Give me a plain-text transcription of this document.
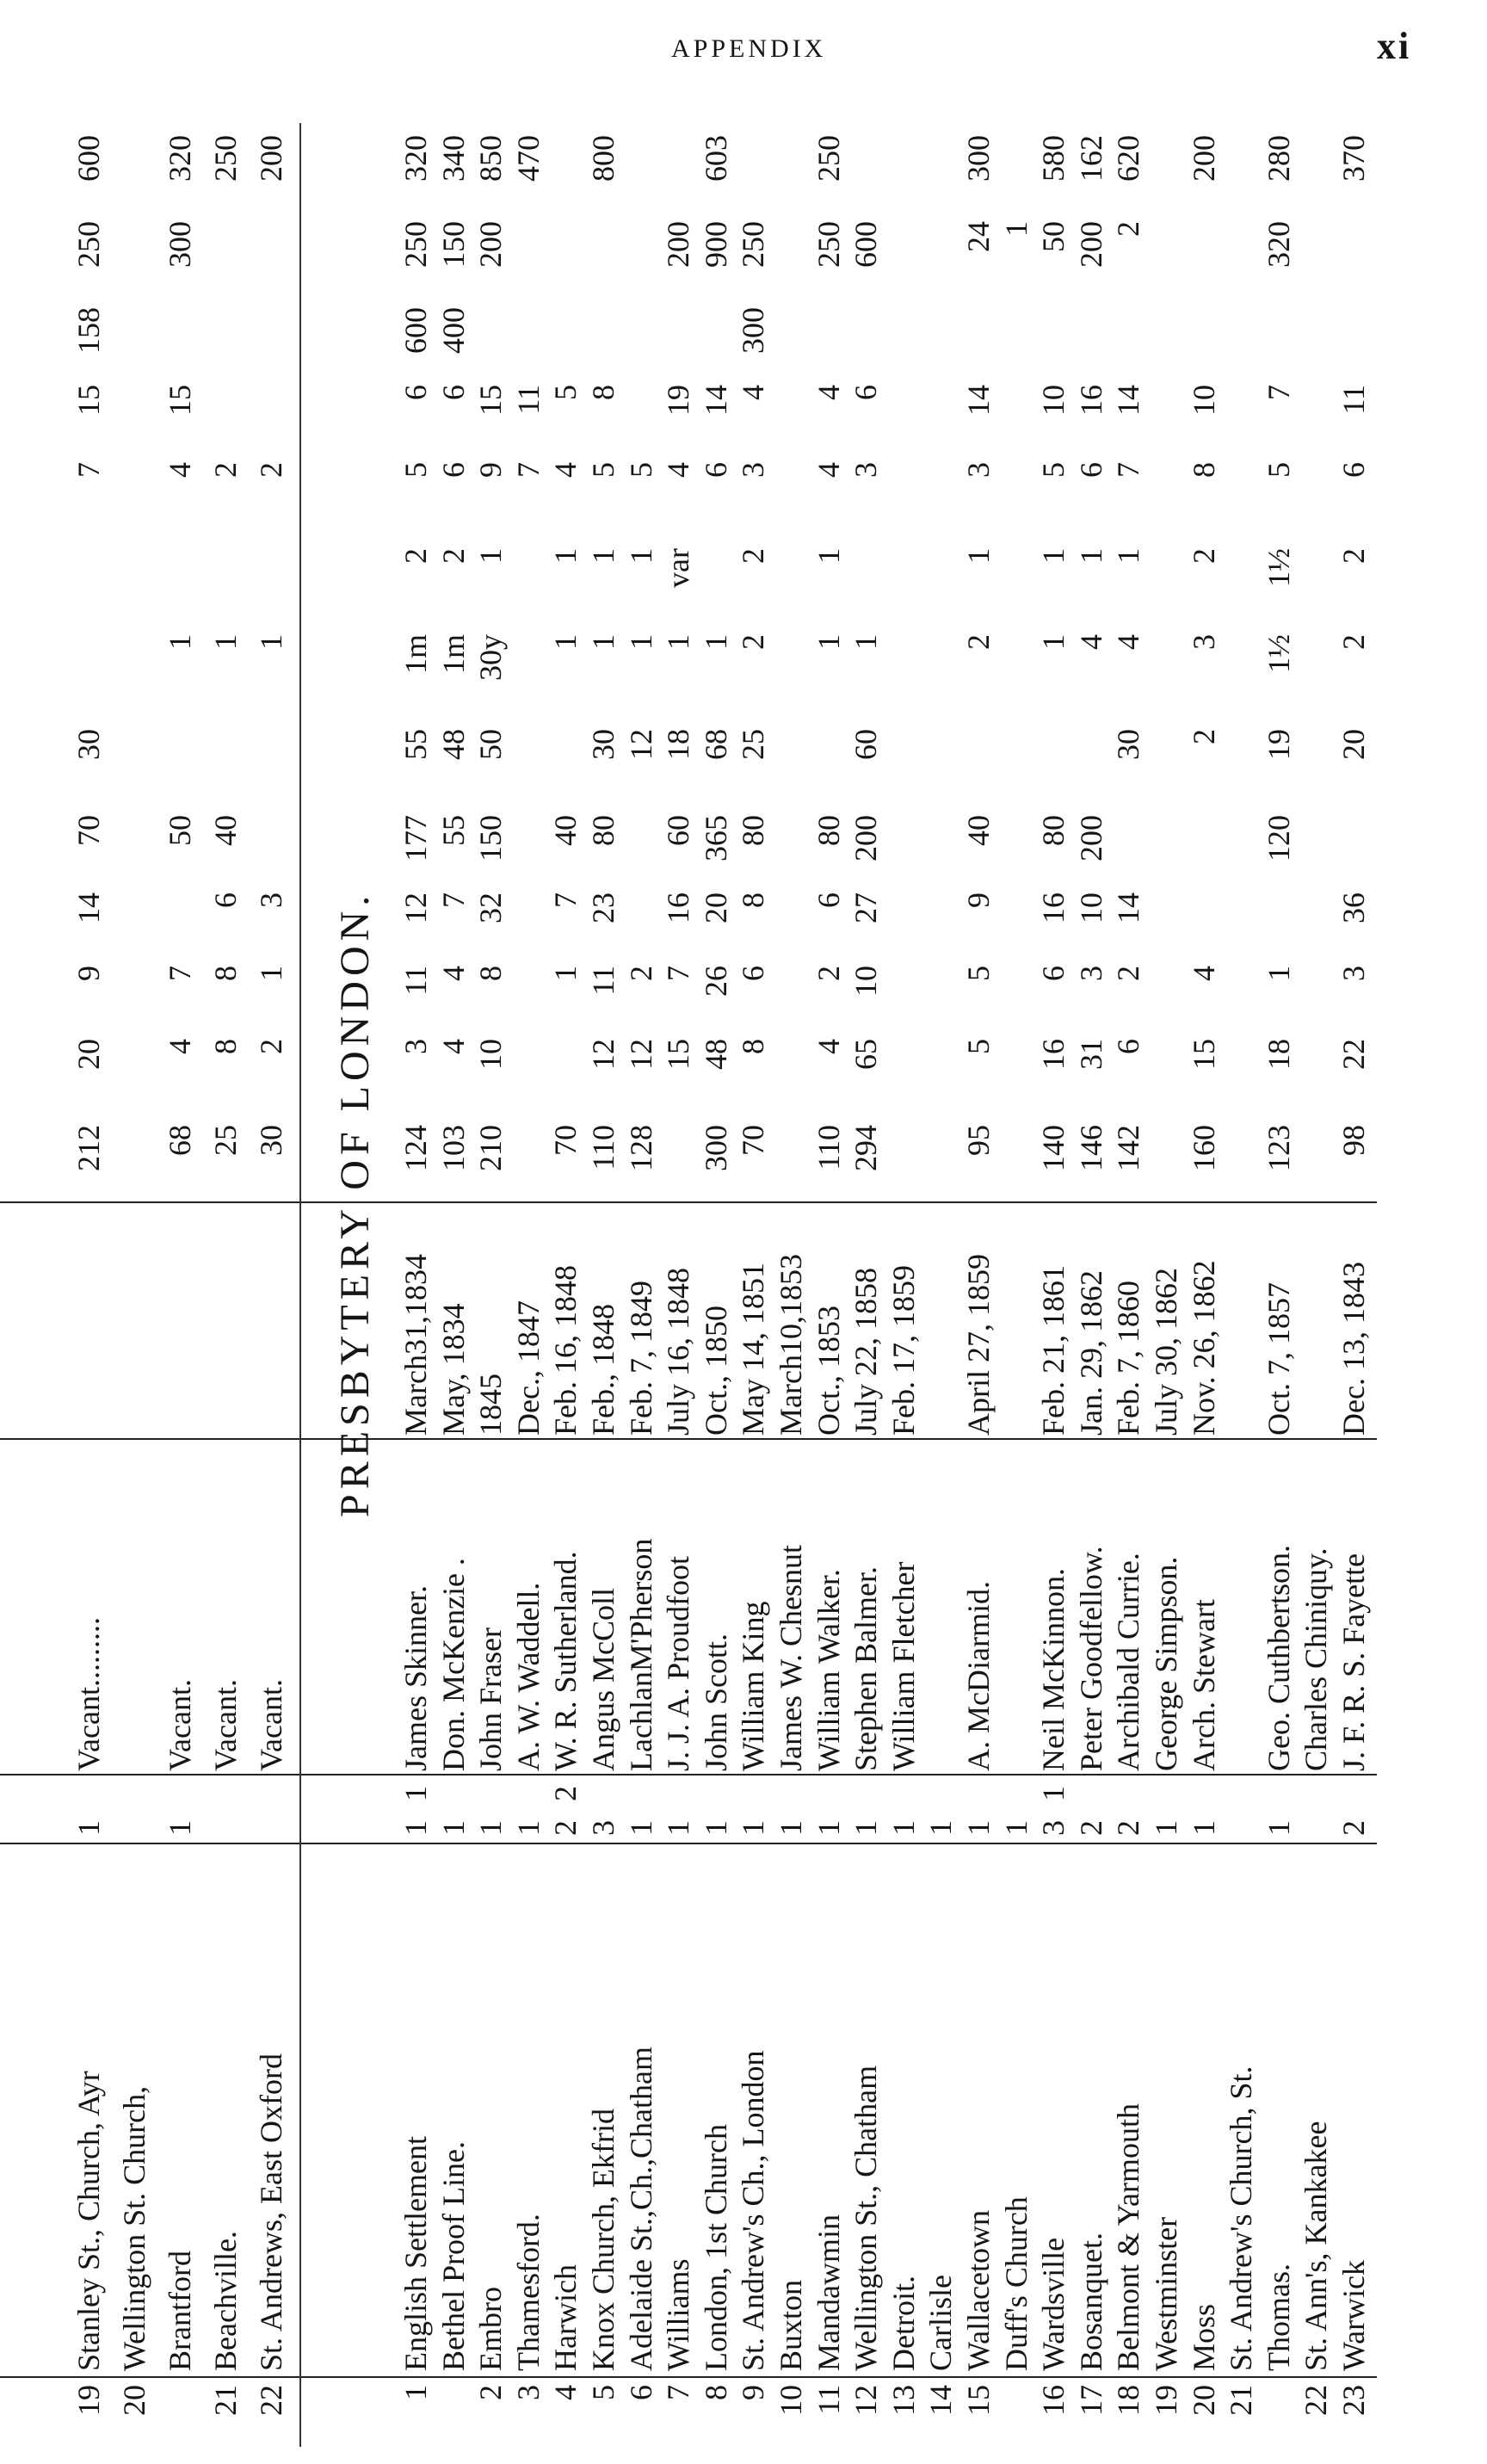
APPENDIX	xi
PRESBYTERY OF LONDON.
19
Stanley St., Church, Ayr
1
Vacant.........
212
20
9
14
70
30
7
15
158
250
600
20
Wellington St. Church, Brantford
1
Vacant.
68
4
7
50
1
4
15
300
320
21
Beachville.
Vacant.
25
8
8
6
40
1
2
250
22
St. Andrews, East Oxford
Vacant.
30
2
1
3
1
2
200
1
English Settlement
1
1
James Skinner.
March31,1834
124
3
11
12
177
55
1m
2
5
6
600
250
320
Bethel Proof Line.
1
Don. McKenzie .
May, 1834
103
4
4
7
55
48
1m
2
6
6
400
150
340
2
Embro
1
John Fraser
1845
210
10
8
32
150
50
30y
1
9
15
200
850
3
Thamesford.
1
A. W. Waddell.
Dec., 1847
7
11
470
4
Harwich
2
2
W. R. Sutherland.
Feb. 16, 1848
70
1
7
40
1
1
4
5
5
Knox Church, Ekfrid
3
Angus McColl
Feb., 1848
110
12
11
23
80
30
1
1
5
8
800
6
Adelaide St.,Ch.,Chatham
1
LachlanM'Pherson
Feb. 7, 1849
128
12
2
12
1
1
5
7
Williams
1
J. J. A. Proudfoot
July 16, 1848
15
7
16
60
18
1
var
4
19
200
8
London, 1st Church
1
John Scott.
Oct., 1850
300
48
26
20
365
68
1
6
14
900
603
9
St. Andrew's Ch., London
1
William King
May 14, 1851
70
8
6
8
80
25
2
2
3
4
300
250
10
Buxton
1
James W. Chesnut
March10,1853
11
Mandawmin
1
William Walker.
Oct., 1853
110
4
2
6
80
1
1
4
4
250
250
12
Wellington St., Chatham
1
Stephen Balmer.
July 22, 1858
294
65
10
27
200
60
1
3
6
600
13
Detroit.
1
William Fletcher
Feb. 17, 1859
14
Carlisle
1
15
Wallacetown
1
A. McDiarmid.
April 27, 1859
95
5
5
9
40
2
1
3
14
24
300
Duff's Church
1
1
16
Wardsville
3
1
Neil McKinnon.
Feb. 21, 1861
140
16
6
16
80
1
1
5
10
50
580
17
Bosanquet.
2
Peter Goodfellow.
Jan. 29, 1862
146
31
3
10
200
4
1
6
16
200
162
18
Belmont & Yarmouth
2
Archibald Currie.
Feb. 7, 1860
142
6
2
14
30
4
1
7
14
2
620
19
Westminster
1
George Simpson.
July 30, 1862
20
Moss
1
Arch. Stewart
Nov. 26, 1862
160
15
4
2
3
2
8
10
200
21
St. Andrew's Church, St. Thomas.
1
Geo. Cuthbertson.
Oct. 7, 1857
123
18
1
120
19
1½
1½
5
7
320
280
22
St. Ann's, Kankakee
Charles Chiniquy.
23
Warwick
2
J. F. R. S. Fayette
Dec. 13, 1843
98
22
3
36
20
2
2
6
11
370
